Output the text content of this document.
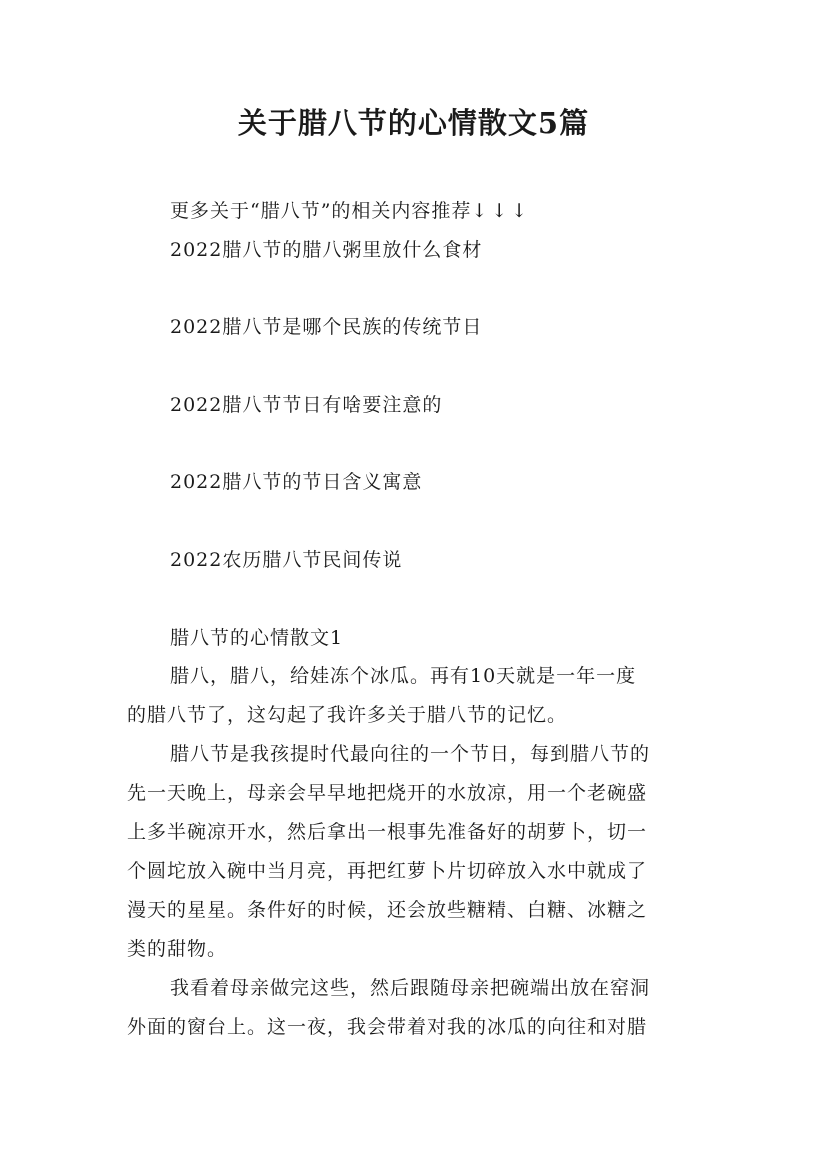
关于腊八节的心情散文5篇
更多关于“腊八节”的相关内容推荐↓↓↓
2022腊八节的腊八粥里放什么食材
2022腊八节是哪个民族的传统节日
2022腊八节节日有啥要注意的
2022腊八节的节日含义寓意
2022农历腊八节民间传说
腊八节的心情散文1
腊八，腊八，给娃冻个冰瓜。再有10天就是一年一度
的腊八节了，这勾起了我许多关于腊八节的记忆。
腊八节是我孩提时代最向往的一个节日，每到腊八节的
先一天晚上，母亲会早早地把烧开的水放凉，用一个老碗盛
上多半碗凉开水，然后拿出一根事先准备好的胡萝卜，切一
个圆坨放入碗中当月亮，再把红萝卜片切碎放入水中就成了
漫天的星星。条件好的时候，还会放些糖精、白糖、冰糖之
类的甜物。
我看着母亲做完这些，然后跟随母亲把碗端出放在窑洞
外面的窗台上。这一夜，我会带着对我的冰瓜的向往和对腊
